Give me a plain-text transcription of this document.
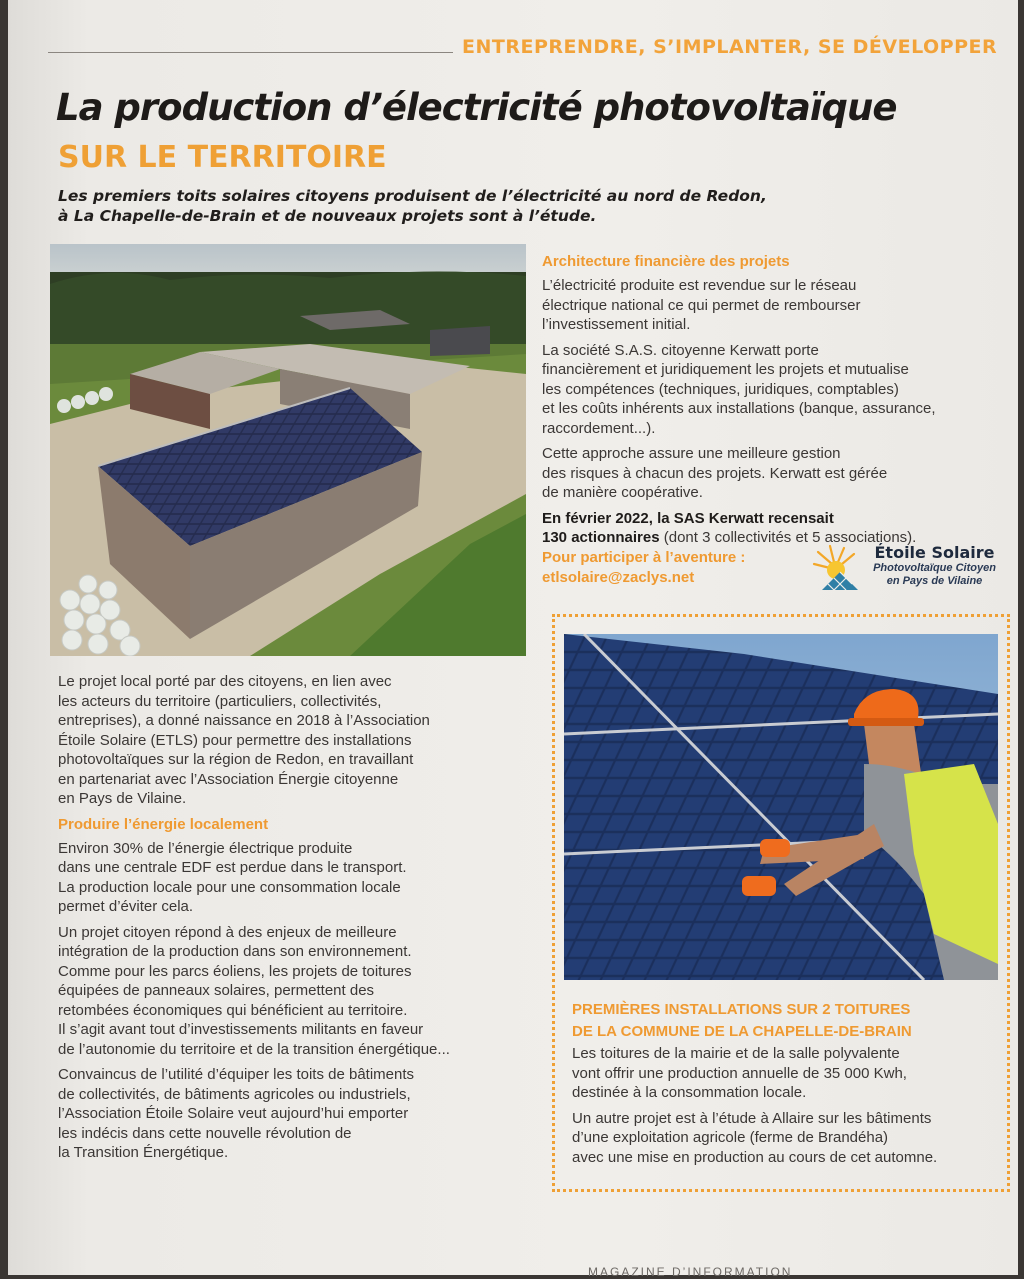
ENTREPRENDRE, S’IMPLANTER, SE DÉVELOPPER
La production d’électricité photovoltaïque
SUR LE TERRITOIRE
Les premiers toits solaires citoyens produisent de l’électricité au nord de Redon,
à La Chapelle-de-Brain et de nouveaux projets sont à l’étude.
Architecture financière des projets

L’électricité produite est revendue sur le réseau
électrique national ce qui permet de rembourser
l’investissement initial.

La société S.A.S. citoyenne Kerwatt porte
financièrement et juridiquement les projets et mutualise
les compétences (techniques, juridiques, comptables)
et les coûts inhérents aux installations (banque, assurance,
raccordement...).

Cette approche assure une meilleure gestion
des risques à chacun des projets. Kerwatt est gérée
de manière coopérative.

En février 2022, la SAS Kerwatt recensait
130 actionnaires (dont 3 collectivités et 5 associations).

Pour participer à l’aventure :
etlsolaire@zaclys.net
Étoile Solaire
Photovoltaïque Citoyen
en Pays de Vilaine

Le projet local porté par des citoyens, en lien avec
les acteurs du territoire (particuliers, collectivités,
entreprises), a donné naissance en 2018 à l’Association
Étoile Solaire (ETLS) pour permettre des installations
photovoltaïques sur la région de Redon, en travaillant
en partenariat avec l’Association Énergie citoyenne
en Pays de Vilaine.

Produire l’énergie localement

Environ 30% de l’énergie électrique produite
dans une centrale EDF est perdue dans le transport.
La production locale pour une consommation locale
permet d’éviter cela.

Un projet citoyen répond à des enjeux de meilleure
intégration de la production dans son environnement.
Comme pour les parcs éoliens, les projets de toitures
équipées de panneaux solaires, permettent des
retombées économiques qui bénéficient au territoire.
Il s’agit avant tout d’investissements militants en faveur
de l’autonomie du territoire et de la transition énergétique...

Convaincus de l’utilité d’équiper les toits de bâtiments
de collectivités, de bâtiments agricoles ou industriels,
l’Association Étoile Solaire veut aujourd’hui emporter
les indécis dans cette nouvelle révolution de
la Transition Énergétique.

PREMIÈRES INSTALLATIONS SUR 2 TOITURES
DE LA COMMUNE DE LA CHAPELLE-DE-BRAIN

Les toitures de la mairie et de la salle polyvalente
vont offrir une production annuelle de 35 000 Kwh,
destinée à la consommation locale.

Un autre projet est à l’étude à Allaire sur les bâtiments
d’une exploitation agricole (ferme de Brandéha)
avec une mise en production au cours de cet automne.

MAGAZINE D’INFORMATION
